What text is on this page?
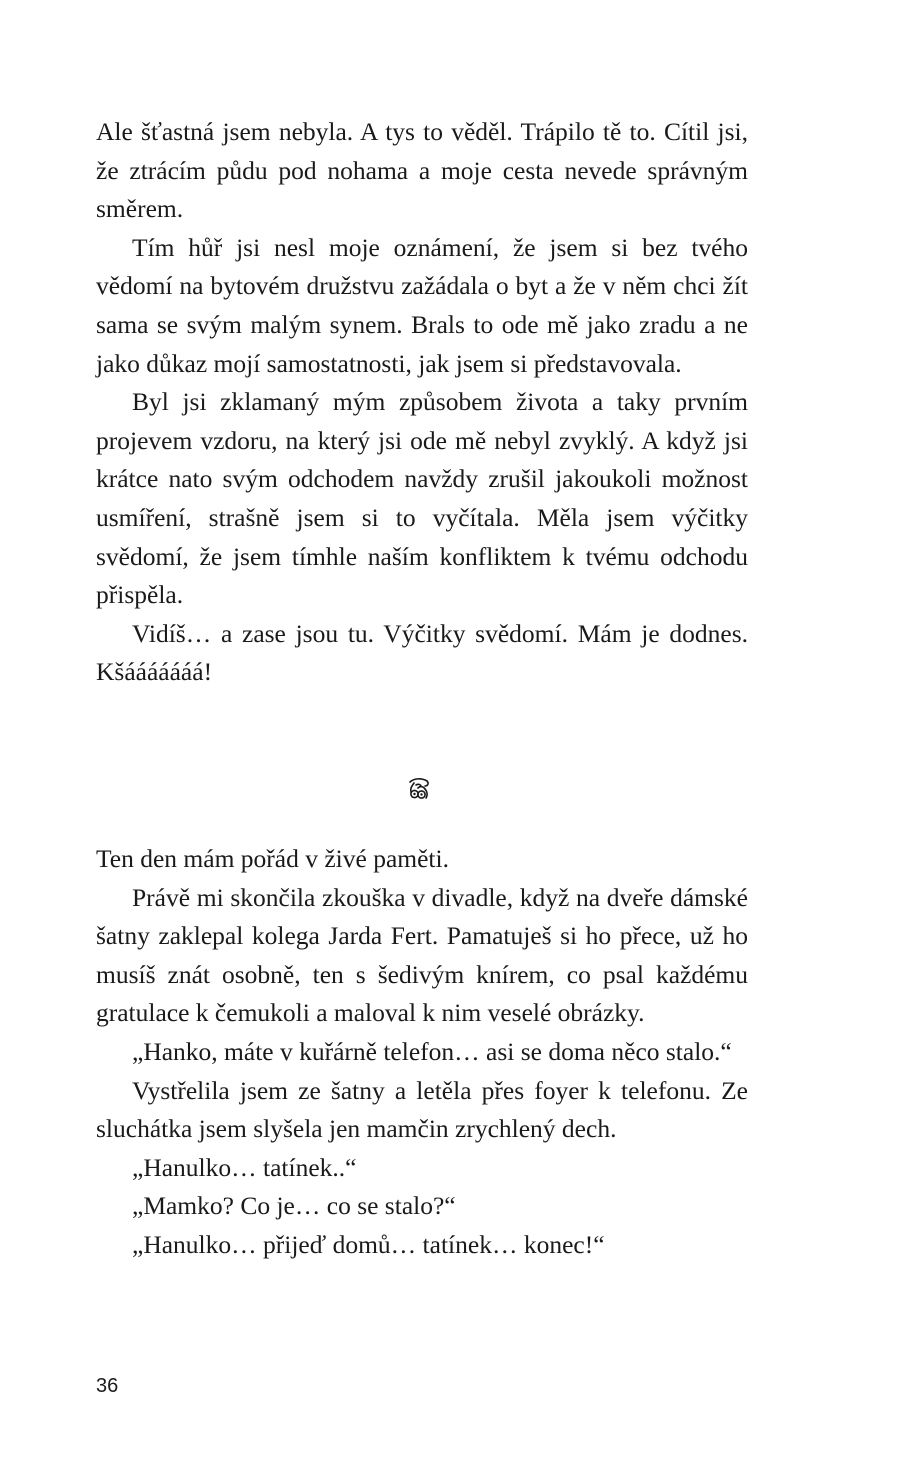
Ale šťastná jsem nebyla. A tys to věděl. Trápilo tě to. Cítil jsi, že ztrácím půdu pod nohama a moje cesta nevede správným směrem.

Tím hůř jsi nesl moje oznámení, že jsem si bez tvého vědomí na bytovém družstvu zažádala o byt a že v něm chci žít sama se svým malým synem. Brals to ode mě jako zradu a ne jako důkaz mojí samostatnosti, jak jsem si představovala.

Byl jsi zklamaný mým způsobem života a taky prvním projevem vzdoru, na který jsi ode mě nebyl zvyklý. A když jsi krátce nato svým odchodem navždy zrušil jakoukoli možnost usmíření, strašně jsem si to vyčítala. Měla jsem výčitky svědomí, že jsem tímhle naším konfliktem k tvému odchodu přispěla.

Vidíš… a zase jsou tu. Výčitky svědomí. Mám je dodnes. Kšááááááá!

Ten den mám pořád v živé paměti.

Právě mi skončila zkouška v divadle, když na dveře dámské šatny zaklepal kolega Jarda Fert. Pamatuješ si ho přece, už ho musíš znát osobně, ten s šedivým knírem, co psal každému gratulace k čemukoli a maloval k nim veselé obrázky.

„Hanko, máte v kuřárně telefon… asi se doma něco stalo.“

Vystřelila jsem ze šatny a letěla přes foyer k telefonu. Ze sluchátka jsem slyšela jen mamčin zrychlený dech.

„Hanulko… tatínek..“

„Mamko? Co je… co se stalo?“

„Hanulko… přijeď domů… tatínek… konec!“

36
